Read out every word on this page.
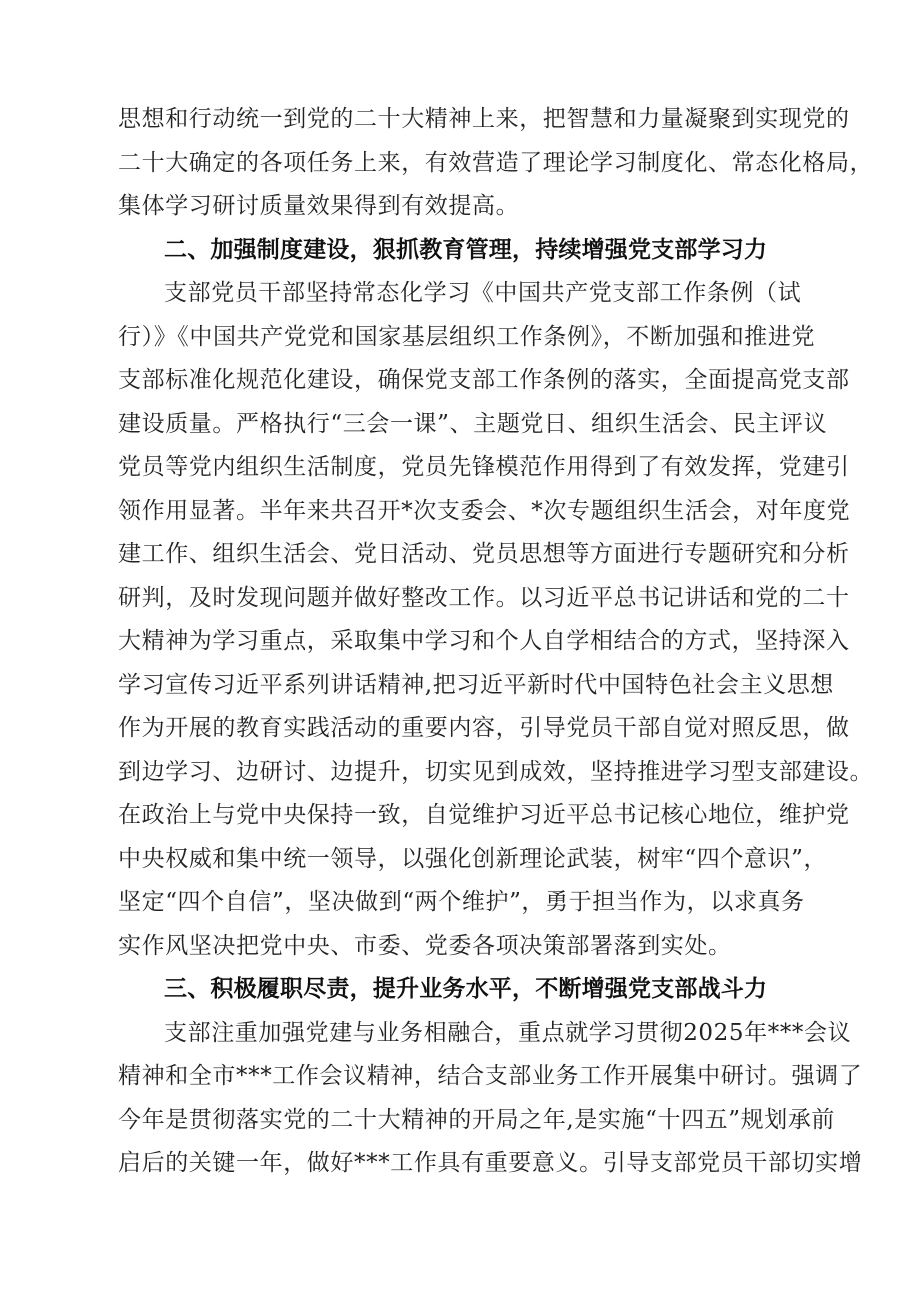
思想和行动统一到党的二十大精神上来，把智慧和力量凝聚到实现党的

二十大确定的各项任务上来，有效营造了理论学习制度化、常态化格局，

集体学习研讨质量效果得到有效提高。

二、加强制度建设，狠抓教育管理，持续增强党支部学习力

支部党员干部坚持常态化学习《中国共产党支部工作条例（试

行）》《中国共产党党和国家基层组织工作条例》，不断加强和推进党

支部标准化规范化建设，确保党支部工作条例的落实，全面提高党支部

建设质量。严格执行“三会一课”、主题党日、组织生活会、民主评议

党员等党内组织生活制度，党员先锋模范作用得到了有效发挥，党建引

领作用显著。半年来共召开*次支委会、*次专题组织生活会，对年度党

建工作、组织生活会、党日活动、党员思想等方面进行专题研究和分析

研判，及时发现问题并做好整改工作。以习近平总书记讲话和党的二十

大精神为学习重点，采取集中学习和个人自学相结合的方式，坚持深入

学习宣传习近平系列讲话精神,把习近平新时代中国特色社会主义思想

作为开展的教育实践活动的重要内容，引导党员干部自觉对照反思，做

到边学习、边研讨、边提升，切实见到成效，坚持推进学习型支部建设。

在政治上与党中央保持一致，自觉维护习近平总书记核心地位，维护党

中央权威和集中统一领导，以强化创新理论武装，树牢“四个意识”，

坚定“四个自信”，坚决做到“两个维护”，勇于担当作为，以求真务

实作风坚决把党中央、市委、党委各项决策部署落到实处。

三、积极履职尽责，提升业务水平，不断增强党支部战斗力

支部注重加强党建与业务相融合，重点就学习贯彻2025年***会议

精神和全市***工作会议精神，结合支部业务工作开展集中研讨。强调了

今年是贯彻落实党的二十大精神的开局之年,是实施“十四五”规划承前

启后的关键一年，做好***工作具有重要意义。引导支部党员干部切实增
